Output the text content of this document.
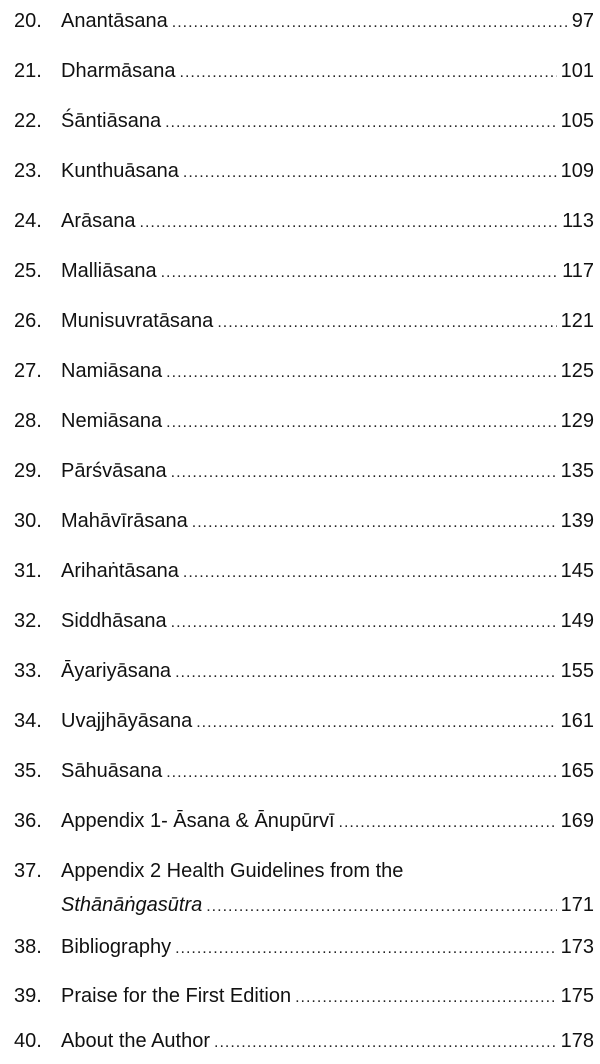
20. Anantāsana .....	97
21. Dharmāsana .....	101
22. Śāntiāsana .....	105
23. Kunthuāsana .....	109
24. Arāsana .....	113
25. Malliāsana .....	117
26. Munisuvratāsana .....	121
27. Namiāsana .....	125
28. Nemiāsana .....	129
29. Pārśvāsana .....	135
30. Mahāvīrāsana .....	139
31. Arihaṅtāsana .....	145
32. Siddhāsana .....	149
33. Āyariyāsana .....	155
34. Uvajjhāyāsana .....	161
35. Sāhuāsana .....	165
36. Appendix 1- Āsana & Ānupūrvī .....	169
37. Appendix 2 Health Guidelines from the
Sthānāṅgasūtra .....	171
38. Bibliography .....	173
39. Praise for the First Edition .....	175
40. About the Author .....	178
